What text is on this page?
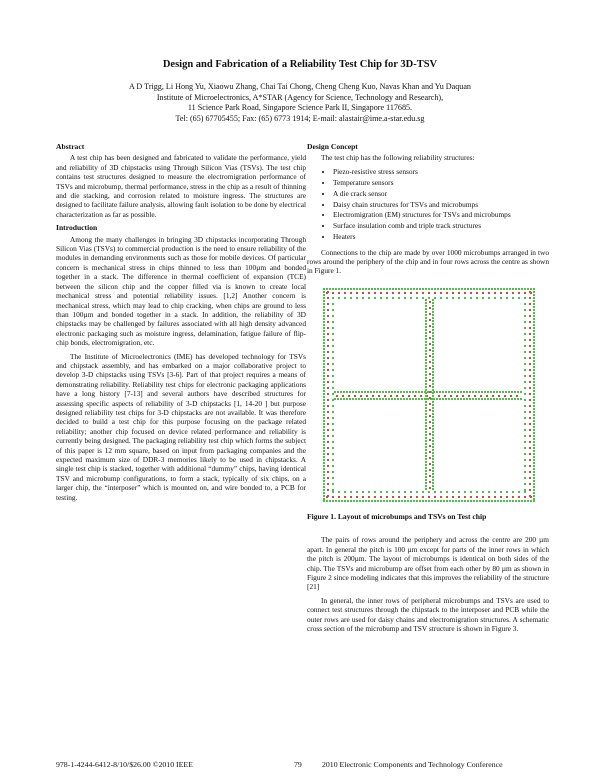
Design and Fabrication of a Reliability Test Chip for 3D-TSV
A D Trigg, Li Hong Yu, Xiaowu Zhang, Chai Tai Chong, Cheng Cheng Kuo, Navas Khan and Yu Daquan
Institute of Microelectronics, A*STAR (Agency for Science, Technology and Research),
11 Science Park Road, Singapore Science Park II, Singapore 117685.
Tel: (65) 67705455; Fax: (65) 6773 1914; E-mail: alastair@ime.a-star.edu.sg
Abstract

A test chip has been designed and fabricated to validate the performance, yield and reliability of 3D chipstacks using Through Silicon Vias (TSVs). The test chip contains test structures designed to measure the electromigration performance of TSVs and microbump, thermal performance, stress in the chip as a result of thinning and die stacking, and corrosion related to moisture ingress. The structures are designed to facilitate failure analysis, allowing fault isolation to be done by electrical characterization as far as possible.

Introduction

Among the many challenges in bringing 3D chipstacks incorporating Through Silicon Vias (TSVs) to commercial production is the need to ensure reliability of the modules in demanding environments such as those for mobile devices. Of particular concern is mechanical stress in chips thinned to less than 100µm and bonded together in a stack. The difference in thermal coefficient of expansion (TCE) between the silicon chip and the copper filled via is known to create local mechanical stress and potential reliability issues. [1,2] Another concern is mechanical stress, which may lead to chip cracking, when chips are ground to less than 100µm and bonded together in a stack. In addition, the reliability of 3D chipstacks may be challenged by failures associated with all high density advanced electronic packaging such as moisture ingress, delamination, fatigue failure of flip-chip bonds, electromigration, etc.

The Institute of Microelectronics (IME) has developed technology for TSVs and chipstack assembly, and has embarked on a major collaborative project to develop 3-D chipstacks using TSVs [3-6]. Part of that project requires a means of demonstrating reliability. Reliability test chips for electronic packaging applications have a long history [7-13] and several authors have described structures for assessing specific aspects of reliability of 3-D chipstacks [1, 14-20 ] but purpose designed reliability test chips for 3-D chipstacks are not available. It was therefore decided to build a test chip for this purpose focusing on the package related reliability; another chip focused on device related performance and reliability is currently being designed. The packaging reliability test chip which forms the subject of this paper is 12 mm square, based on input from packaging companies and the expected maximum size of DDR-3 memories likely to be used in chipstacks. A single test chip is stacked, together with additional “dummy” chips, having identical TSV and microbump configurations, to form a stack, typically of six chips, on a larger chip, the “interposer” which is mounted on, and wire bonded to, a PCB for testing.

Design Concept

The test chip has the following reliability structures:

• Piezo-resistive stress sensors
• Temperature sensors
• A die crack sensor
• Daisy chain structures for TSVs and microbumps
• Electromigration (EM) structures for TSVs and microbumps
• Surface insulation comb and triple track structures
• Heaters

Connections to the chip are made by over 1000 microbumps arranged in two rows around the periphery of the chip and in four rows across the centre as shown in Figure 1.

Figure 1. Layout of microbumps and TSVs on Test chip

The pairs of rows around the periphery and across the centre are 200 µm apart. In general the pitch is 100 µm except for parts of the inner rows in which the pitch is 200µm. The layout of microbumps is identical on both sides of the chip. The TSVs and microbump are offset from each other by 80 µm as shown in Figure 2 since modeling indicates that this improves the reliability of the structure [21]

In general, the inner rows of peripheral microbumps and TSVs are used to connect test structures through the chipstack to the interposer and PCB while the outer rows are used for daisy chains and electromigration structures. A schematic cross section of the microbump and TSV structure is shown in Figure 3.

978-1-4244-6412-8/10/$26.00 ©2010 IEEE	79	2010 Electronic Components and Technology Conference
